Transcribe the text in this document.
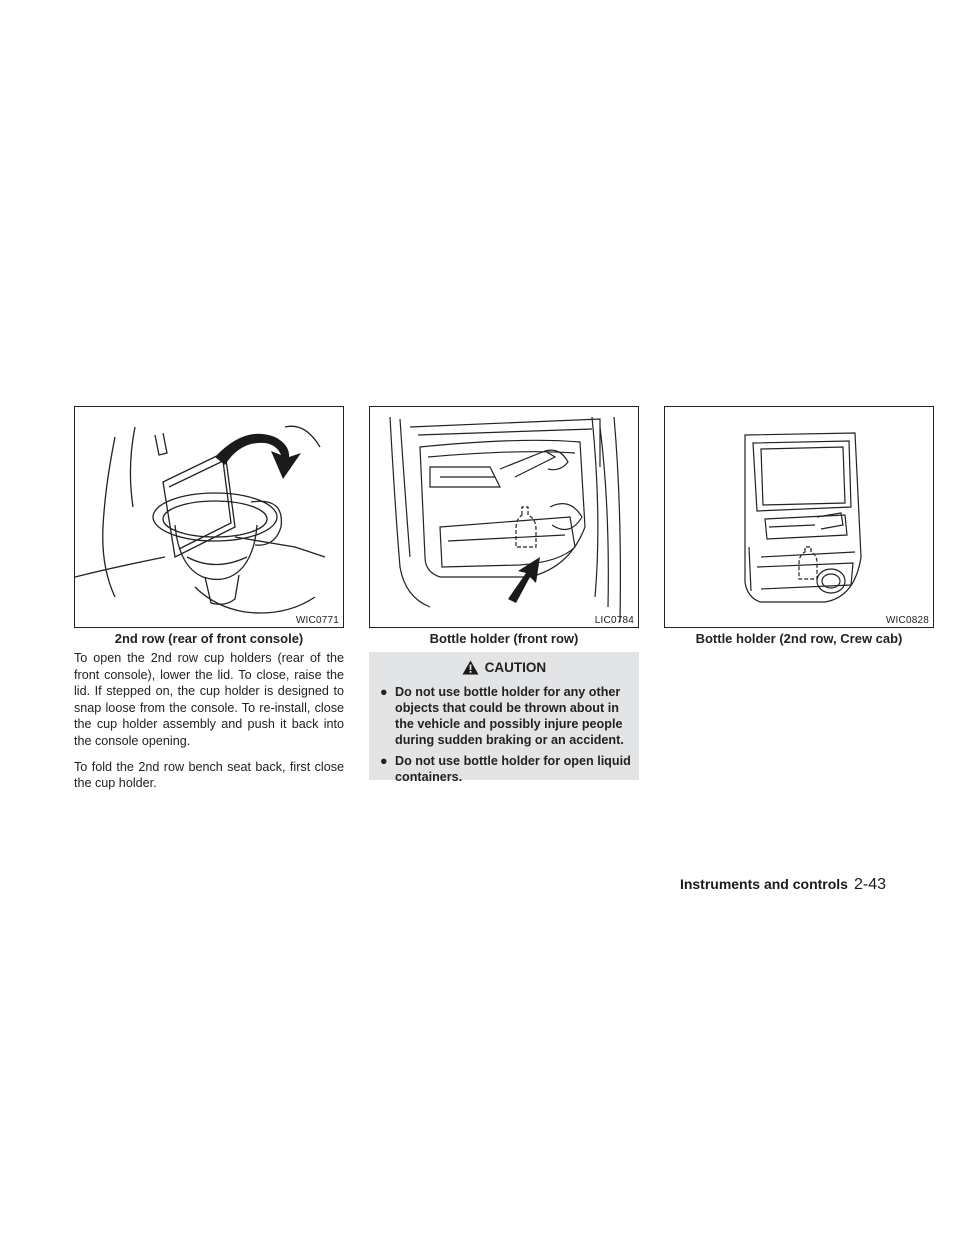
WIC0771
2nd row (rear of front console)
LIC0784
Bottle holder (front row)
WIC0828
Bottle holder (2nd row, Crew cab)

To open the 2nd row cup holders (rear of the front console), lower the lid. To close, raise the lid. If stepped on, the cup holder is designed to snap loose from the console. To re-install, close the cup holder assembly and push it back into the console opening.

To fold the 2nd row bench seat back, first close the cup holder.

CAUTION
● Do not use bottle holder for any other objects that could be thrown about in the vehicle and possibly injure people during sudden braking or an accident.
● Do not use bottle holder for open liquid containers.
Instruments and controls 2-43
